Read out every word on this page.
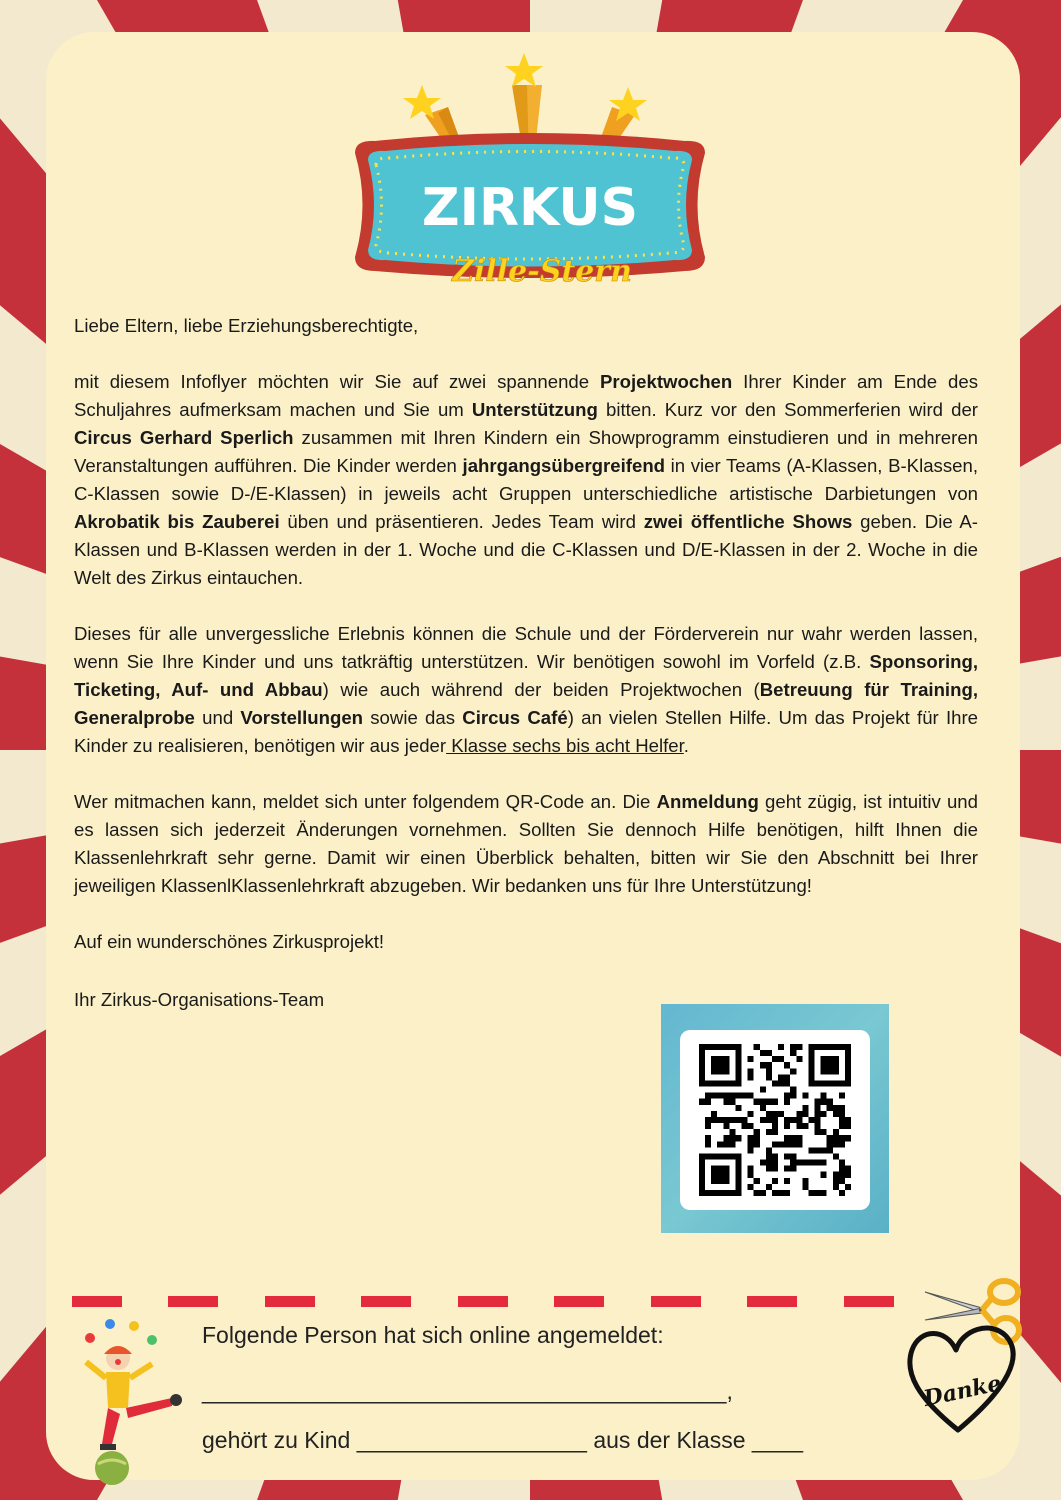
ZIRKUS
Zille-Stern

Liebe Eltern, liebe Erziehungsberechtigte,

mit diesem Infoflyer möchten wir Sie auf zwei spannende Projektwochen Ihrer Kinder am Ende des Schuljahres aufmerksam machen und Sie um Unterstützung bitten. Kurz vor den Sommerferien wird der Circus Gerhard Sperlich zusammen mit Ihren Kindern ein Showprogramm einstudieren und in mehreren Veranstaltungen aufführen. Die Kinder werden jahrgangsübergreifend in vier Teams (A-Klassen, B-Klassen, C-Klassen sowie D-/E-Klassen) in jeweils acht Gruppen unterschiedliche artistische Darbietungen von Akrobatik bis Zauberei üben und präsentieren. Jedes Team wird zwei öffentliche Shows geben. Die A-Klassen und B-Klassen werden in der 1. Woche und die C-Klassen und D/E-Klassen in der 2. Woche in die Welt des Zirkus eintauchen.

Dieses für alle unvergessliche Erlebnis können die Schule und der Förderverein nur wahr werden lassen, wenn Sie Ihre Kinder und uns tatkräftig unterstützen. Wir benötigen sowohl im Vorfeld (z.B. Sponsoring, Ticketing, Auf- und Abbau) wie auch während der beiden Projektwochen (Betreuung für Training, Generalprobe und Vorstellungen sowie das Circus Café) an vielen Stellen Hilfe. Um das Projekt für Ihre Kinder zu realisieren, benötigen wir aus jeder Klasse sechs bis acht Helfer.

Wer mitmachen kann, meldet sich unter folgendem QR-Code an. Die Anmeldung geht zügig, ist intuitiv und es lassen sich jederzeit Änderungen vornehmen. Sollten Sie dennoch Hilfe benötigen, hilft Ihnen die Klassenlehrkraft sehr gerne. Damit wir einen Überblick behalten, bitten wir Sie den Abschnitt bei Ihrer jeweiligen KlassenlKlassenlehrkraft abzugeben. Wir bedanken uns für Ihre Unterstützung!

Auf ein wunderschönes Zirkusprojekt!

Ihr Zirkus-Organisations-Team

Danke
Folgende Person hat sich online angemeldet:
_________________________________________,
gehört zu Kind __________________ aus der Klasse ____
